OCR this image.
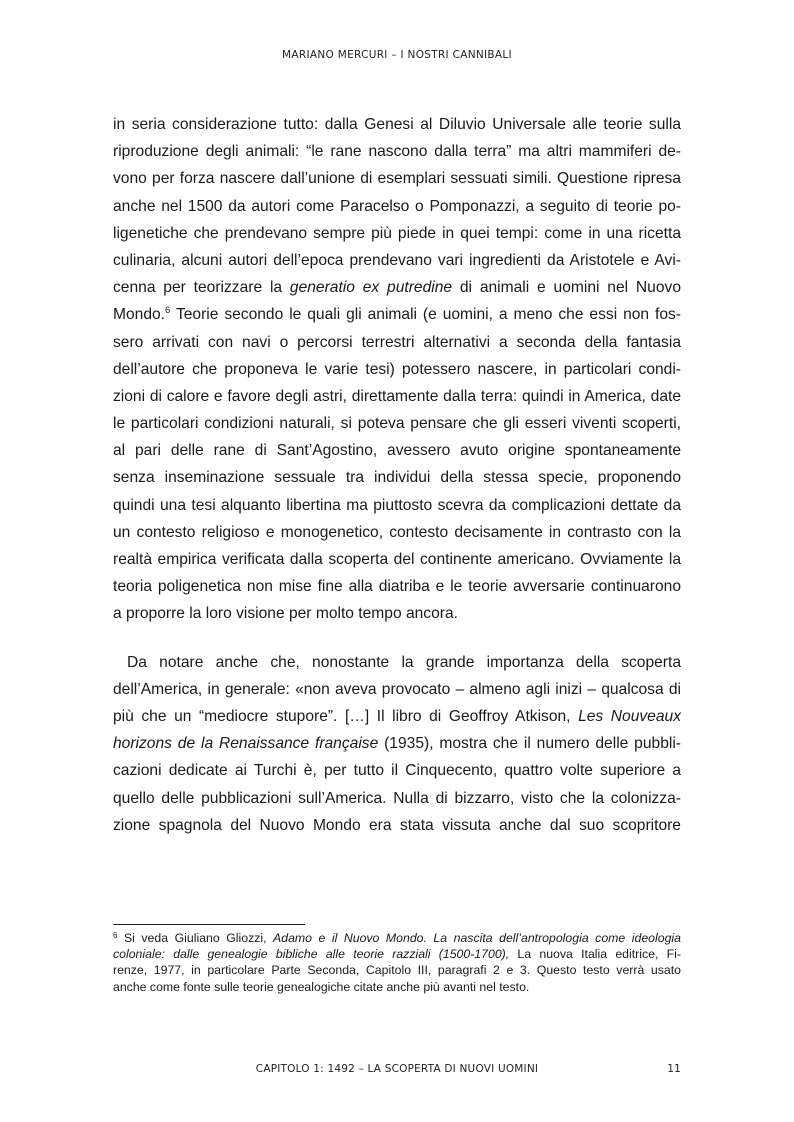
MARIANO MERCURI – I NOSTRI CANNIBALI
in seria considerazione tutto: dalla Genesi al Diluvio Universale alle teorie sulla
riproduzione degli animali: “le rane nascono dalla terra” ma altri mammiferi de-
vono per forza nascere dall’unione di esemplari sessuati simili. Questione ripresa
anche nel 1500 da autori come Paracelso o Pomponazzi, a seguito di teorie po-
ligenetiche che prendevano sempre più piede in quei tempi: come in una ricetta
culinaria, alcuni autori dell’epoca prendevano vari ingredienti da Aristotele e Avi-
cenna per teorizzare la generatio ex putredine di animali e uomini nel Nuovo
Mondo.$^6$ Teorie secondo le quali gli animali (e uomini, a meno che essi non fos-
sero arrivati con navi o percorsi terrestri alternativi a seconda della fantasia
dell’autore che proponeva le varie tesi) potessero nascere, in particolari condi-
zioni di calore e favore degli astri, direttamente dalla terra: quindi in America, date
le particolari condizioni naturali, si poteva pensare che gli esseri viventi scoperti,
al pari delle rane di Sant’Agostino, avessero avuto origine spontaneamente
senza inseminazione sessuale tra individui della stessa specie, proponendo
quindi una tesi alquanto libertina ma piuttosto scevra da complicazioni dettate da
un contesto religioso e monogenetico, contesto decisamente in contrasto con la
realtà empirica verificata dalla scoperta del continente americano. Ovviamente la
teoria poligenetica non mise fine alla diatriba e le teorie avversarie continuarono
a proporre la loro visione per molto tempo ancora.
Da notare anche che, nonostante la grande importanza della scoperta
dell’America, in generale: «non aveva provocato – almeno agli inizi – qualcosa di
più che un “mediocre stupore”. […] Il libro di Geoffroy Atkison, Les Nouveaux
horizons de la Renaissance française (1935), mostra che il numero delle pubbli-
cazioni dedicate ai Turchi è, per tutto il Cinquecento, quattro volte superiore a
quello delle pubblicazioni sull’America. Nulla di bizzarro, visto che la colonizza-
zione spagnola del Nuovo Mondo era stata vissuta anche dal suo scopritore
$^6$ Si veda Giuliano Gliozzi, Adamo e il Nuovo Mondo. La nascita dell’antropologia come ideologia
coloniale: dalle genealogie bibliche alle teorie razziali (1500-1700), La nuova Italia editrice, Fi-
renze, 1977, in particolare Parte Seconda, Capitolo III, paragrafi 2 e 3. Questo testo verrà usato
anche come fonte sulle teorie genealogiche citate anche più avanti nel testo.
CAPITOLO 1: 1492 – LA SCOPERTA DI NUOVI UOMINI	11
